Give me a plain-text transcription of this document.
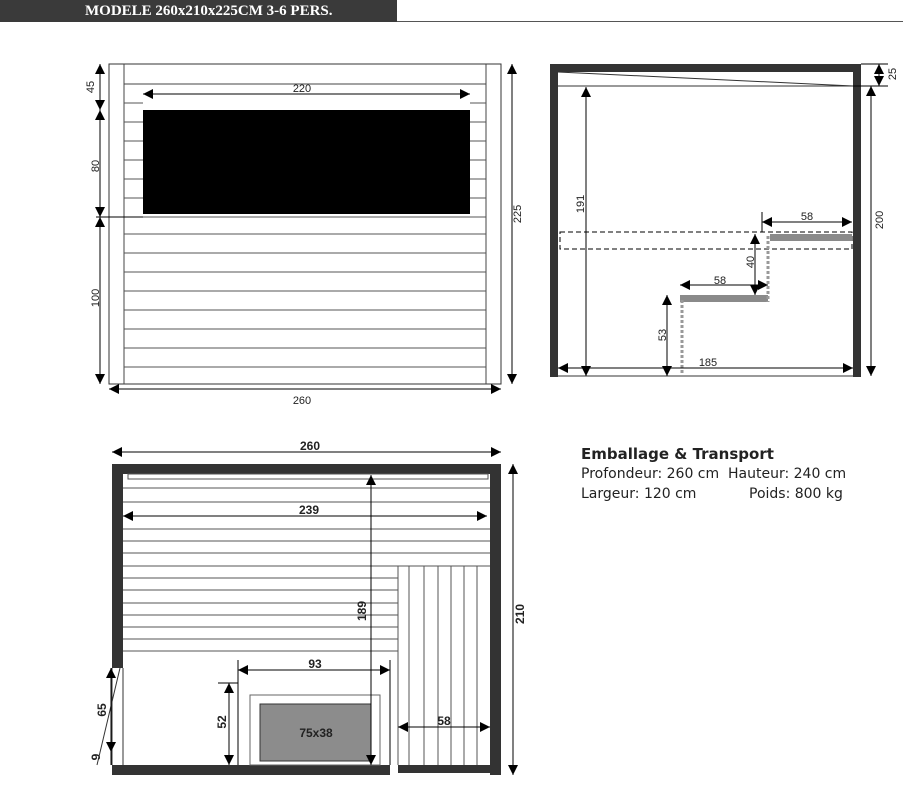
MODELE 260x210x225CM 3-6 PERS.
220
260
45
80
100
225
25
191
200
58
40
58
53
185
75x38
260
239
189	210
93
52	58
65
9
Emballage & Transport
Profondeur: 260 cm Hauteur: 240 cm
Largeur: 120 cm	Poids: 800 kg
